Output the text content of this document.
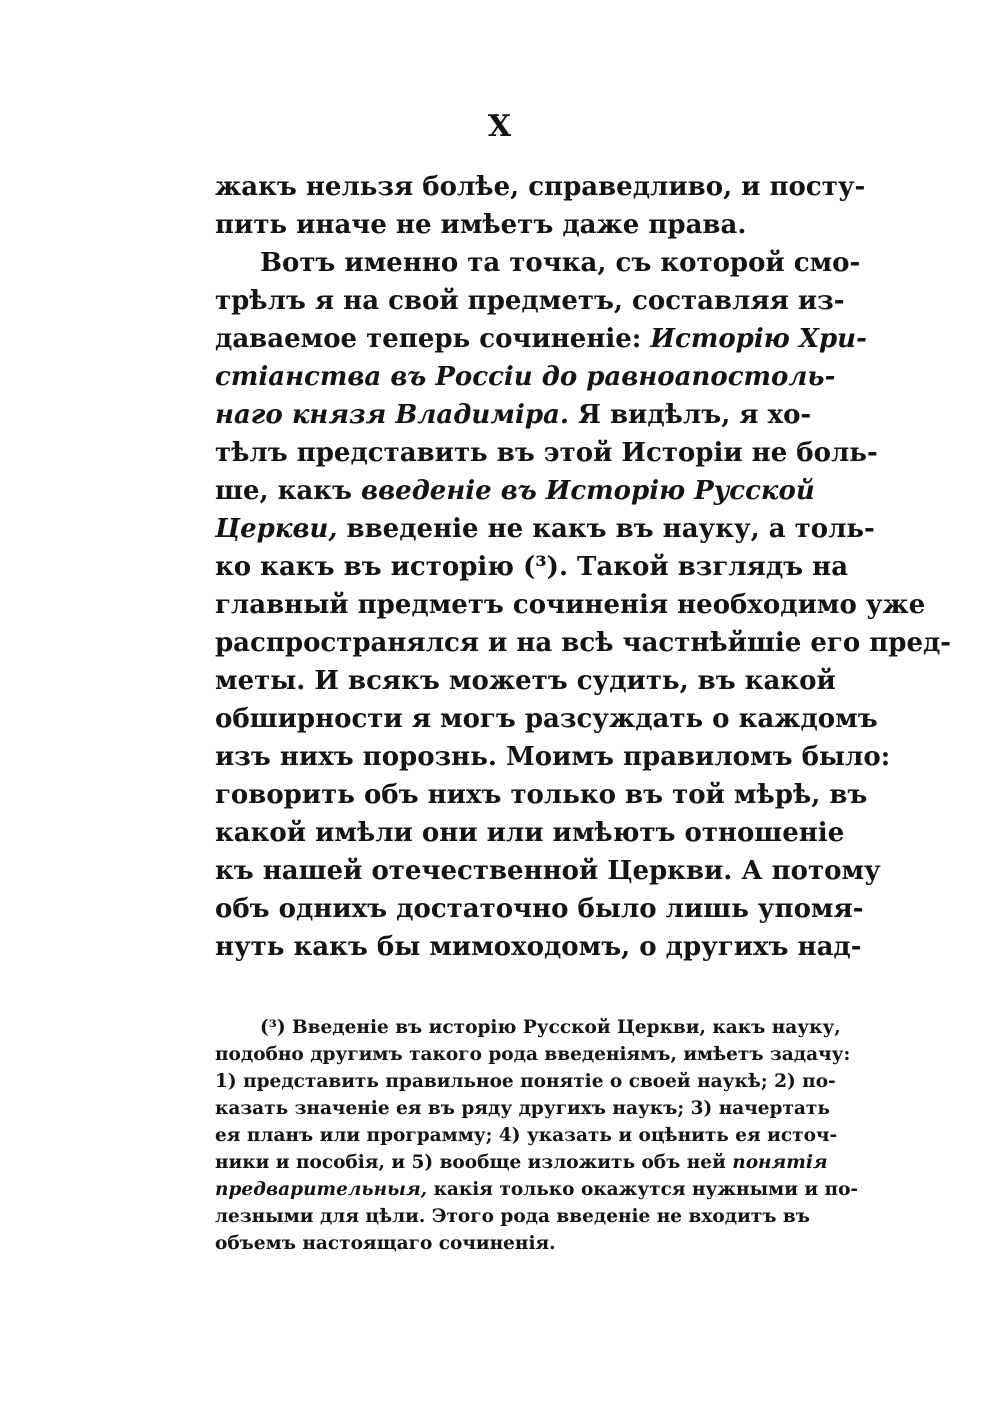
X
жакъ нельзя болѣе, справедливо, и посту-
пить иначе не имѣетъ даже права.
Вотъ именно та точка, съ которой смо-
трѣлъ я на свой предметъ, составляя из-
даваемое теперь сочиненіе: Исторію Хри-
стіанства въ Россіи до равноапостоль-
наго князя Владиміра. Я видѣлъ, я хо-
тѣлъ представить въ этой Исторіи не боль-
ше, какъ введеніе въ Исторію Русской
Церкви, введеніе не какъ въ науку, а толь-
ко какъ въ исторію (³). Такой взглядъ на
главный предметъ сочиненія необходимо уже
распространялся и на всѣ частнѣйшіе его пред-
меты. И всякъ можетъ судить, въ какой
обширности я могъ разсуждать о каждомъ
изъ нихъ порознь. Моимъ правиломъ было:
говорить объ нихъ только въ той мѣрѣ, въ
какой имѣли они или имѣютъ отношеніе
къ нашей отечественной Церкви. А потому
объ однихъ достаточно было лишь упомя-
нуть какъ бы мимоходомъ, о другихъ над-
(³) Введеніе въ исторію Русской Церкви, какъ науку,
подобно другимъ такого рода введеніямъ, имѣетъ задачу:
1) представить правильное понятіе о своей наукѣ; 2) по-
казать значеніе ея въ ряду другихъ наукъ; 3) начертать
ея планъ или программу; 4) указать и оцѣнить ея источ-
ники и пособія, и 5) вообще изложить объ ней понятія
предварительныя, какія только окажутся нужными и по-
лезными для цѣли. Этого рода введеніе не входитъ въ
объемъ настоящаго сочиненія.
